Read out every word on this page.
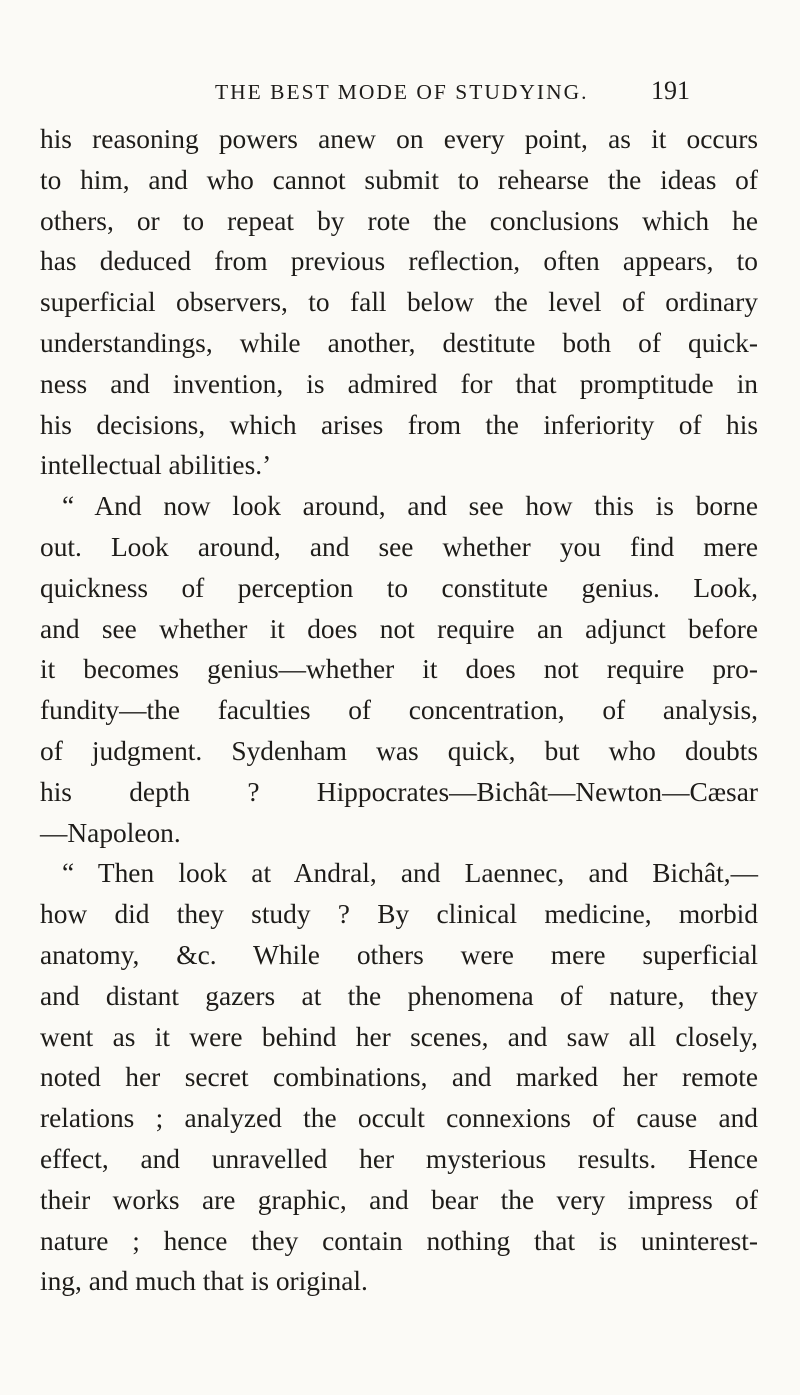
THE BEST MODE OF STUDYING. 191
his reasoning powers anew on every point, as it occurs
to him, and who cannot submit to rehearse the ideas of
others, or to repeat by rote the conclusions which he
has deduced from previous reflection, often appears, to
superficial observers, to fall below the level of ordinary
understandings, while another, destitute both of quick-
ness and invention, is admired for that promptitude in
his decisions, which arises from the inferiority of his
intellectual abilities.’
“ And now look around, and see how this is borne
out. Look around, and see whether you find mere
quickness of perception to constitute genius. Look,
and see whether it does not require an adjunct before
it becomes genius—whether it does not require pro-
fundity—the faculties of concentration, of analysis,
of judgment. Sydenham was quick, but who doubts
his depth ? Hippocrates—Bichât—Newton—Cæsar
—Napoleon.
“ Then look at Andral, and Laennec, and Bichât,—
how did they study ? By clinical medicine, morbid
anatomy, &c. While others were mere superficial
and distant gazers at the phenomena of nature, they
went as it were behind her scenes, and saw all closely,
noted her secret combinations, and marked her remote
relations ; analyzed the occult connexions of cause and
effect, and unravelled her mysterious results. Hence
their works are graphic, and bear the very impress of
nature ; hence they contain nothing that is uninterest-
ing, and much that is original.
